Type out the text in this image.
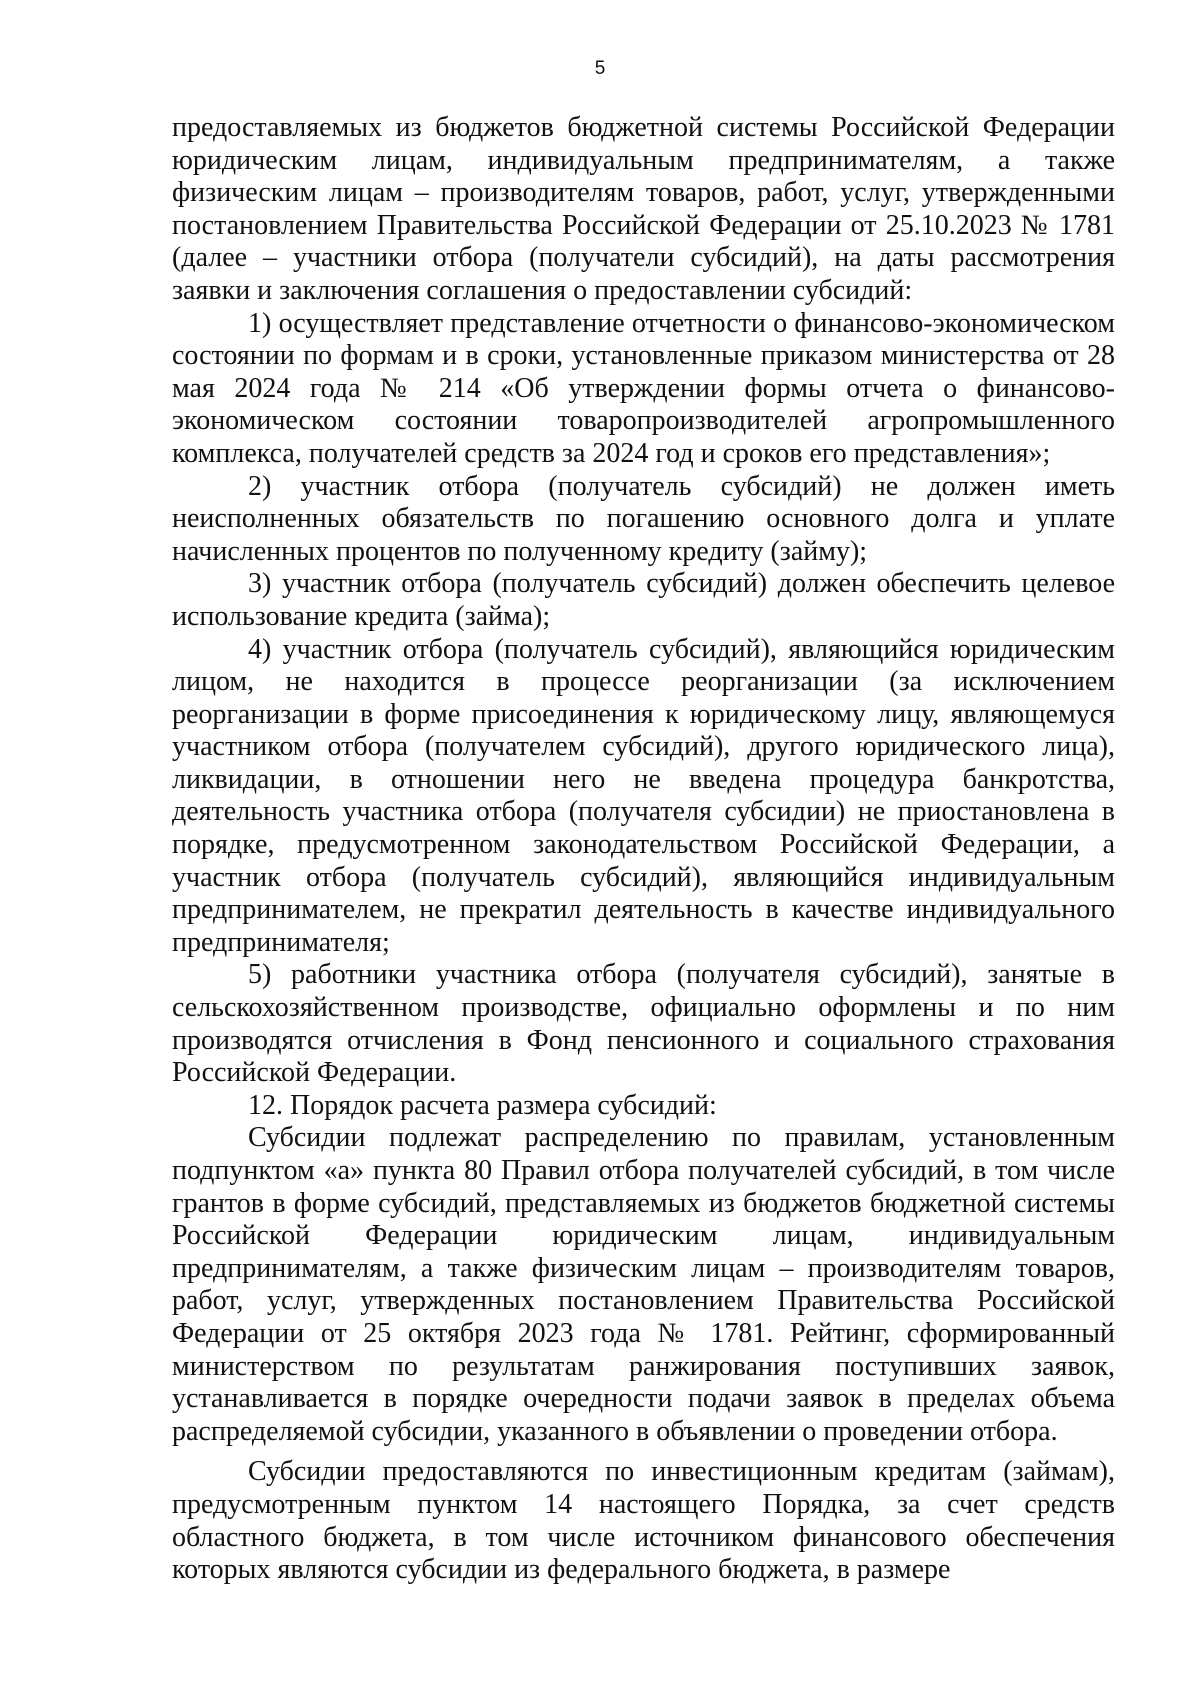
5

предоставляемых из бюджетов бюджетной системы Российской Федерации юридическим лицам, индивидуальным предпринимателям, а также физическим лицам – производителям товаров, работ, услуг, утвержденными постановлением Правительства Российской Федерации от 25.10.2023 № 1781 (далее – участники отбора (получатели субсидий), на даты рассмотрения заявки и заключения соглашения о предоставлении субсидий:

1) осуществляет представление отчетности о финансово-экономическом состоянии по формам и в сроки, установленные приказом министерства от 28 мая 2024 года № 214 «Об утверждении формы отчета о финансово-экономическом состоянии товаропроизводителей агропромышленного комплекса, получателей средств за 2024 год и сроков его представления»;

2) участник отбора (получатель субсидий) не должен иметь неисполненных обязательств по погашению основного долга и уплате начисленных процентов по полученному кредиту (займу);

3) участник отбора (получатель субсидий) должен обеспечить целевое использование кредита (займа);

4) участник отбора (получатель субсидий), являющийся юридическим лицом, не находится в процессе реорганизации (за исключением реорганизации в форме присоединения к юридическому лицу, являющемуся участником отбора (получателем субсидий), другого юридического лица), ликвидации, в отношении него не введена процедура банкротства, деятельность участника отбора (получателя субсидии) не приостановлена в порядке, предусмотренном законодательством Российской Федерации, а участник отбора (получатель субсидий), являющийся индивидуальным предпринимателем, не прекратил деятельность в качестве индивидуального предпринимателя;

5) работники участника отбора (получателя субсидий), занятые в сельскохозяйственном производстве, официально оформлены и по ним производятся отчисления в Фонд пенсионного и социального страхования Российской Федерации.

12. Порядок расчета размера субсидий:

Субсидии подлежат распределению по правилам, установленным подпунктом «а» пункта 80 Правил отбора получателей субсидий, в том числе грантов в форме субсидий, представляемых из бюджетов бюджетной системы Российской Федерации юридическим лицам, индивидуальным предпринимателям, а также физическим лицам – производителям товаров, работ, услуг, утвержденных постановлением Правительства Российской Федерации от 25 октября 2023 года № 1781. Рейтинг, сформированный министерством по результатам ранжирования поступивших заявок, устанавливается в порядке очередности подачи заявок в пределах объема распределяемой субсидии, указанного в объявлении о проведении отбора.

Субсидии предоставляются по инвестиционным кредитам (займам), предусмотренным пунктом 14 настоящего Порядка, за счет средств областного бюджета, в том числе источником финансового обеспечения которых являются субсидии из федерального бюджета, в размере
